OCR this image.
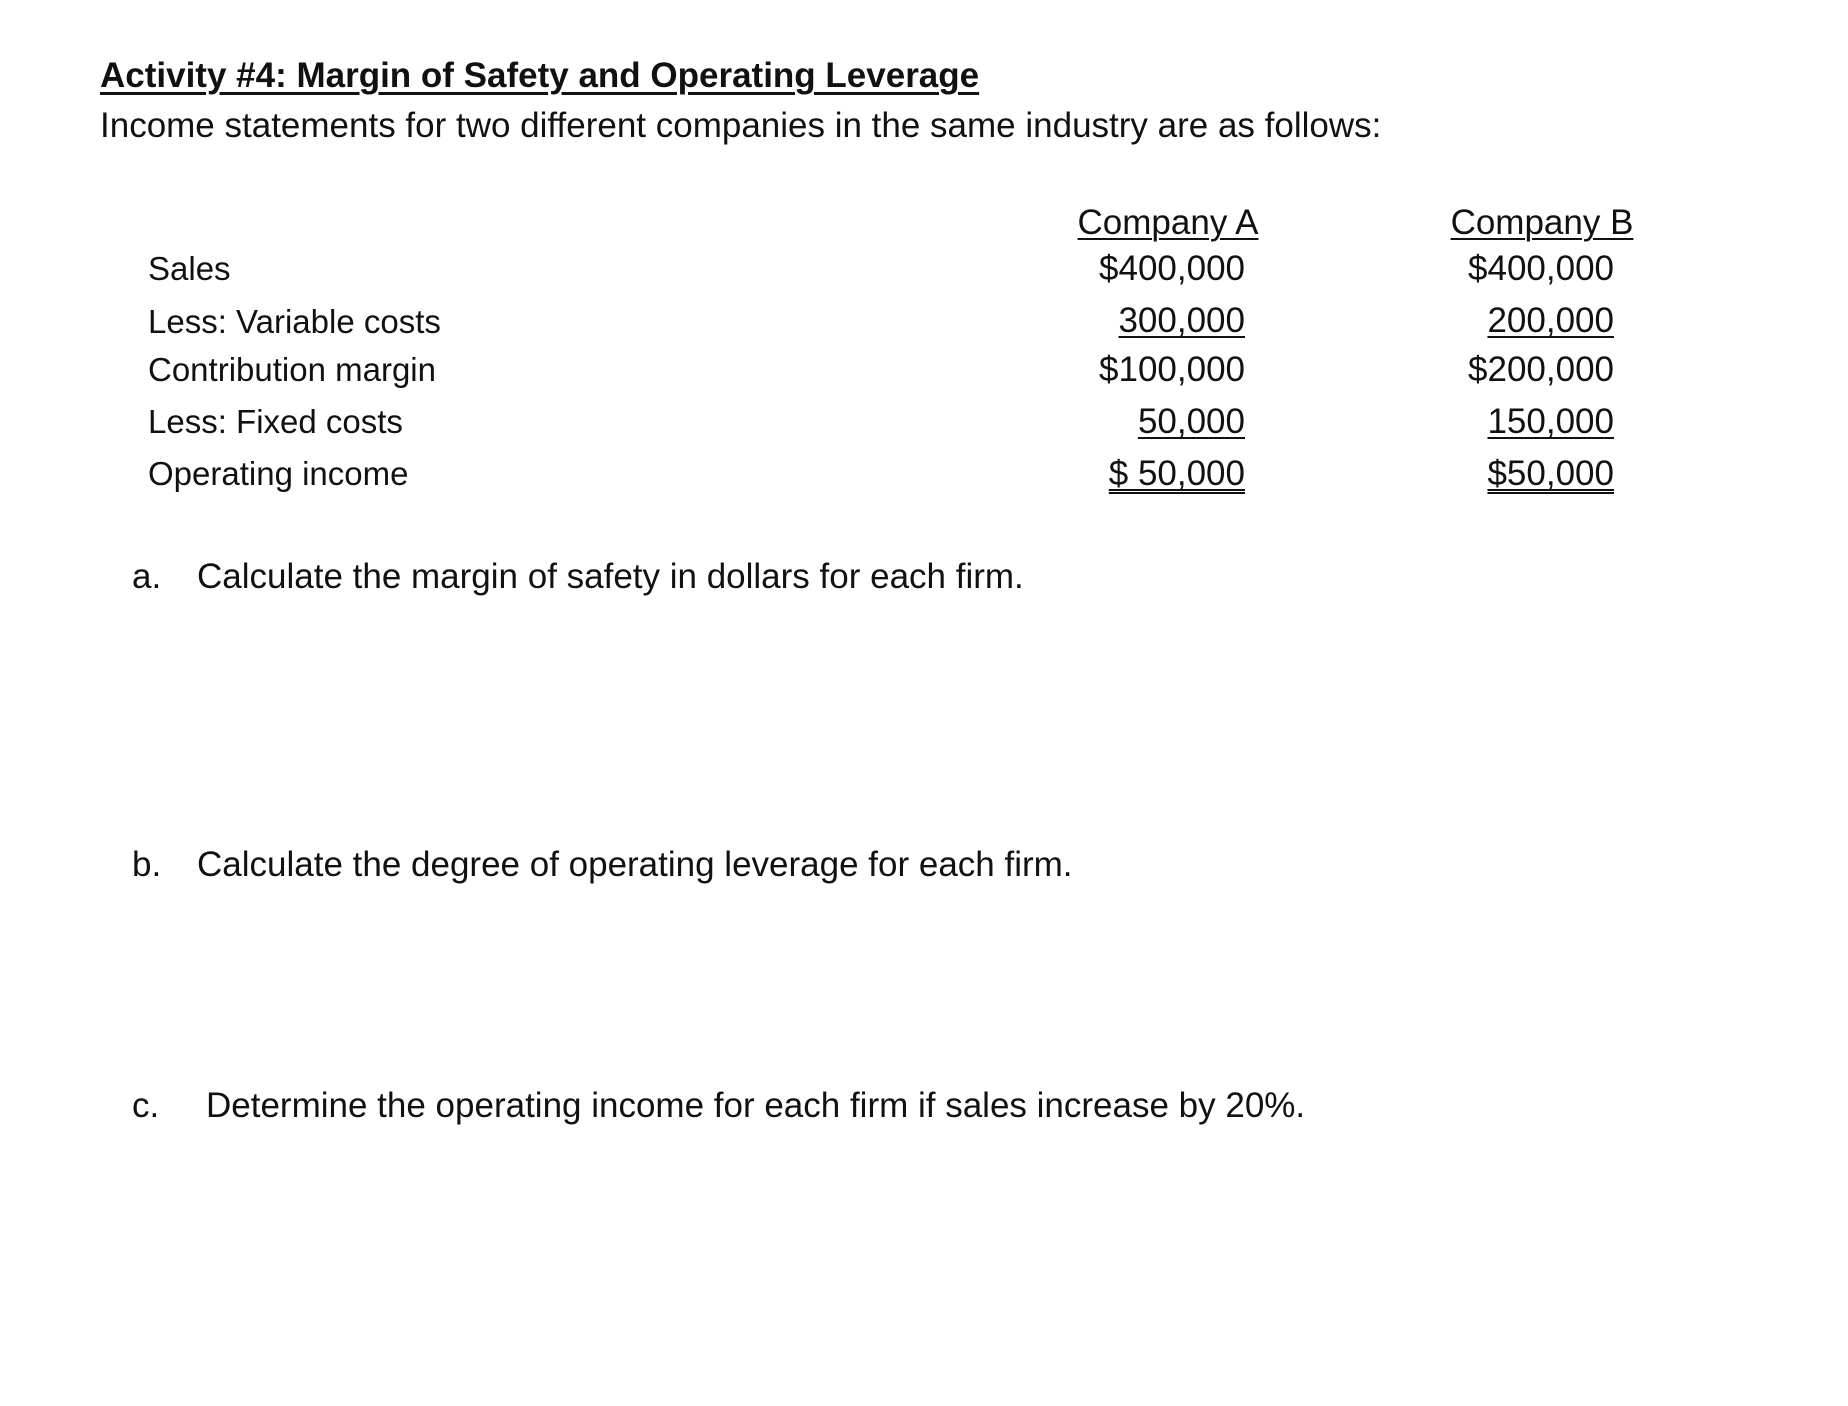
Activity #4: Margin of Safety and Operating Leverage
Income statements for two different companies in the same industry are as follows:
Sales
Less: Variable costs
Contribution margin
Less: Fixed costs
Operating income
Company A
$400,000
300,000
$100,000
50,000
$ 50,000
Company B
$400,000
200,000
$200,000
150,000
$50,000
a. Calculate the margin of safety in dollars for each firm.
b. Calculate the degree of operating leverage for each firm.
c. Determine the operating income for each firm if sales increase by 20%.
